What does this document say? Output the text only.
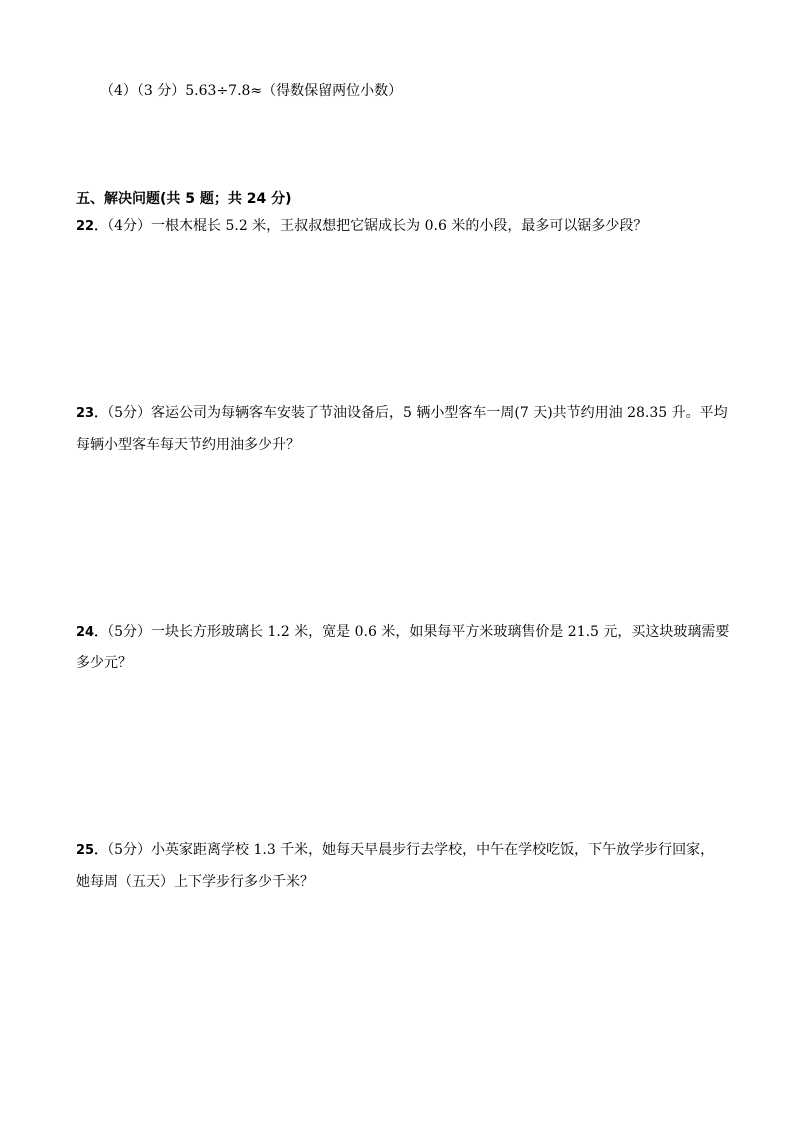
（4）（3 分）5.63÷7.8≈（得数保留两位小数）
五、解决问题(共 5 题；共 24 分)
22．（4分）一根木棍长 5.2 米，王叔叔想把它锯成长为 0.6 米的小段，最多可以锯多少段？
23．（5分）客运公司为每辆客车安装了节油设备后，5 辆小型客车一周(7 天)共节约用油 28.35 升。平均
每辆小型客车每天节约用油多少升？
24．（5分）一块长方形玻璃长 1.2 米，宽是 0.6 米，如果每平方米玻璃售价是 21.5 元，买这块玻璃需要
多少元？
25．（5分）小英家距离学校 1.3 千米，她每天早晨步行去学校，中午在学校吃饭，下午放学步行回家，
她每周（五天）上下学步行多少千米？
